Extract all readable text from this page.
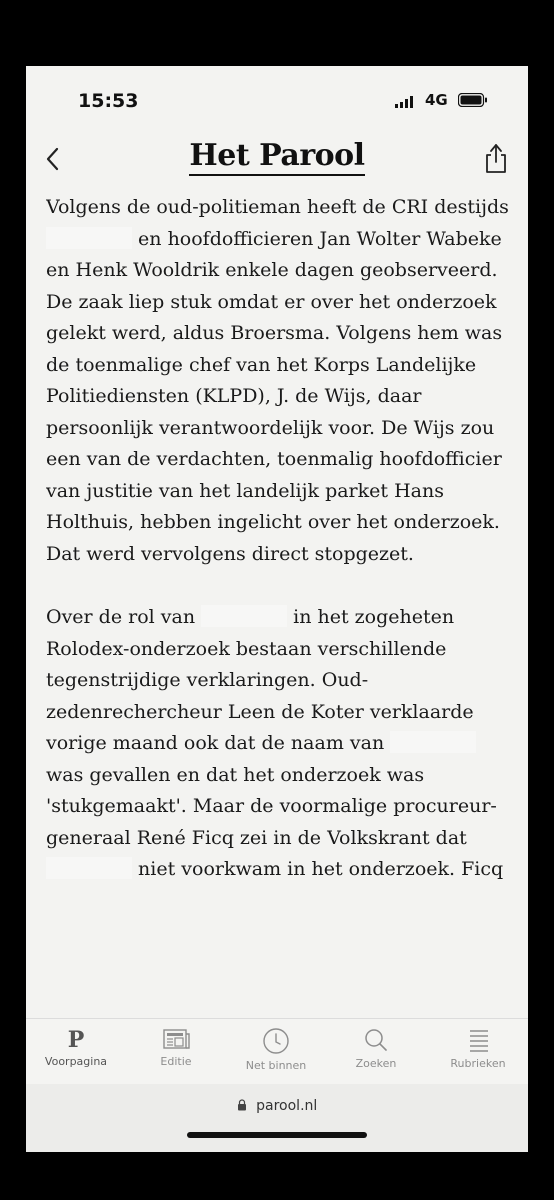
15:53	4G
Het Parool

Volgens de oud-politieman heeft de CRI destijds  en hoofdofficieren Jan Wolter Wabeke en Henk Wooldrik enkele dagen geobserveerd. De zaak liep stuk omdat er over het onderzoek gelekt werd, aldus Broersma. Volgens hem was de toenmalige chef van het Korps Landelijke Politiediensten (KLPD), J. de Wijs, daar persoonlijk verantwoordelijk voor. De Wijs zou een van de verdachten, toenmalig hoofdofficier van justitie van het landelijk parket Hans Holthuis, hebben ingelicht over het onderzoek. Dat werd vervolgens direct stopgezet.

Over de rol van	in het zogeheten Rolodex-onderzoek bestaan verschillende tegenstrijdige verklaringen. Oud-zedenrechercheur Leen de Koter verklaarde vorige maand ook dat de naam van  was gevallen en dat het onderzoek was 'stukgemaakt'. Maar de voormalige procureur-generaal René Ficq zei in de Volkskrant dat  niet voorkwam in het onderzoek. Ficq

P
Voorpagina	Editie	Net binnen	Zoeken	Rubrieken
parool.nl
